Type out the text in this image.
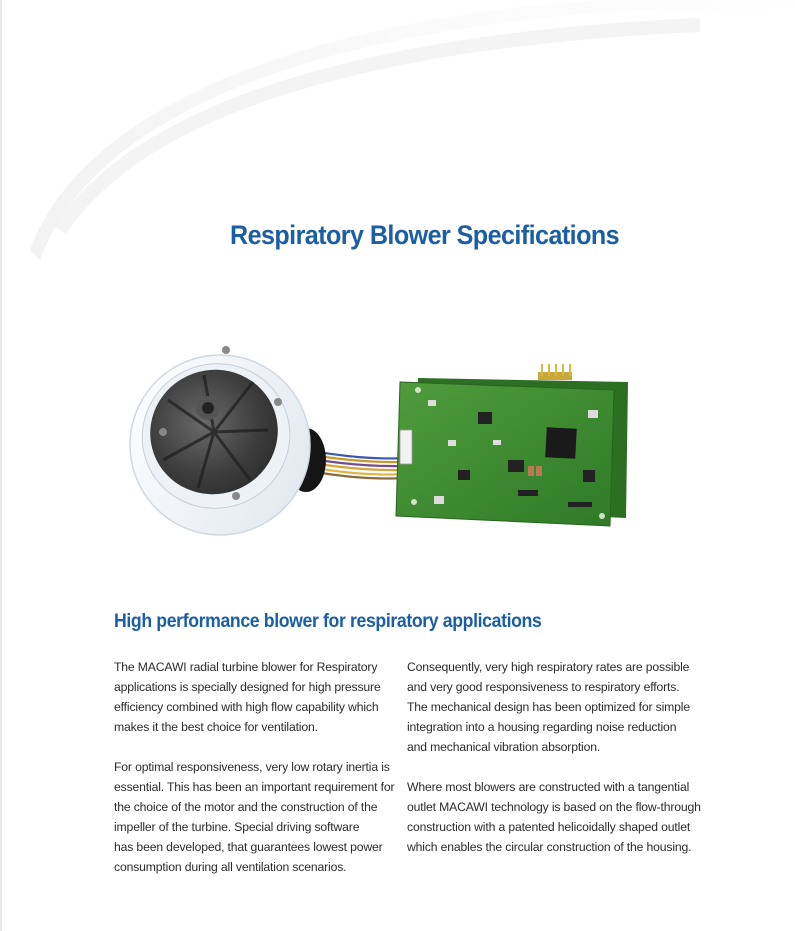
Respiratory Blower Specifications
High performance blower for respiratory applications

The MACAWI radial turbine blower for Respiratory
applications is specially designed for high pressure
efficiency combined with high flow capability which
makes it the best choice for ventilation.

For optimal responsiveness, very low rotary inertia is
essential. This has been an important requirement for
the choice of the motor and the construction of the
impeller of the turbine. Special driving software
has been developed, that guarantees lowest power
consumption during all ventilation scenarios.

Consequently, very high respiratory rates are possible
and very good responsiveness to respiratory efforts.
The mechanical design has been optimized for simple
integration into a housing regarding noise reduction
and mechanical vibration absorption.

Where most blowers are constructed with a tangential
outlet MACAWI technology is based on the flow-through
construction with a patented helicoidally shaped outlet
which enables the circular construction of the housing.
